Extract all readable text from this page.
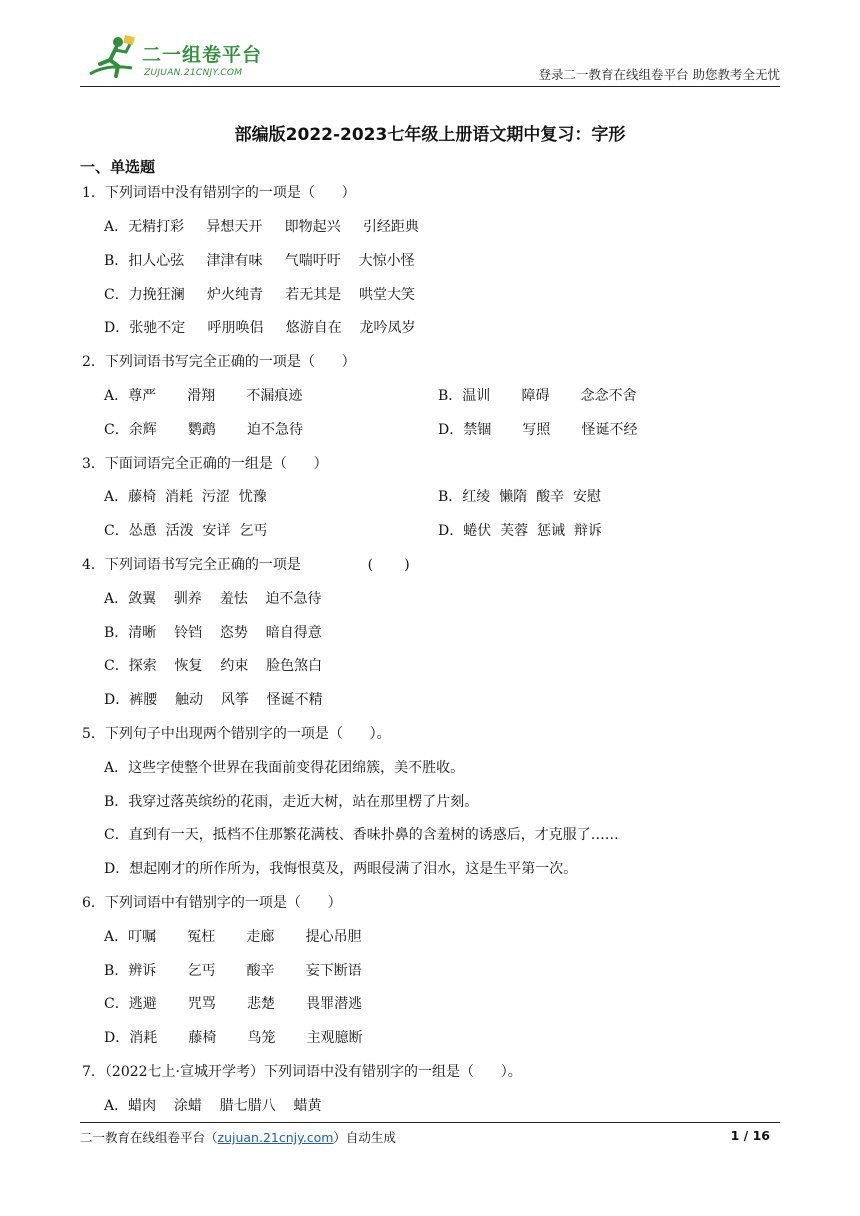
二一组卷平台
ZUJUAN.21CNJY.COM	登录二一教育在线组卷平台 助您教考全无忧
部编版2022-2023七年级上册语文期中复习：字形
一、单选题
1．下列词语中没有错别字的一项是（      ）
A．无精打彩     异想天开     即物起兴     引经距典
B．扣人心弦     津津有味     气喘吁吁    大惊小怪
C．力挽狂澜     炉火纯青     若无其是    哄堂大笑
D．张驰不定     呼朋唤侣     悠游自在    龙吟凤岁
2．下列词语书写完全正确的一项是（      ）
A．尊严       滑翔       不漏痕迹	B．温训       障碍       念念不舍
C．余辉       鹦鹉       迫不急待	D．禁锢       写照       怪诞不经
3．下面词语完全正确的一组是（      ）
A．藤椅  消耗  污涩  忧豫	B．红绫  懒隋  酸辛  安慰
C．怂恿  活泼  安详  乞丐	D．蜷伏  芙蓉  惩诫  辩诉
4．下列词语书写完全正确的一项是               (       )
A．敛翼    驯养    羞怯    迫不急待
B．清晰    铃铛    恣势    暗自得意
C．探索    恢复    约束    脸色煞白
D．裤腰    触动    风筝    怪诞不精
5．下列句子中出现两个错别字的一项是（      ）。
A．这些字使整个世界在我面前变得花团绵簇，美不胜收。
B．我穿过落英缤纷的花雨，走近大树，站在那里楞了片刻。
C．直到有一天，抵档不住那繁花满枝、香味扑鼻的含羞树的诱惑后，才克服了……
D．想起刚才的所作所为，我悔恨莫及，两眼侵满了泪水，这是生平第一次。
6．下列词语中有错别字的一项是（      ）
A．叮嘱       冤枉       走廊       提心吊胆
B．辨诉       乞丐       酸辛       妄下断语
C．逃避       咒骂       悲楚       畏罪潜逃
D．消耗       藤椅       鸟笼       主观臆断
7．（2022七上·宣城开学考）下列词语中没有错别字的一组是（      ）。
A．蜡肉    涂蜡    腊七腊八    蜡黄
二一教育在线组卷平台（zujuan.21cnjy.com）自动生成	1 / 16
